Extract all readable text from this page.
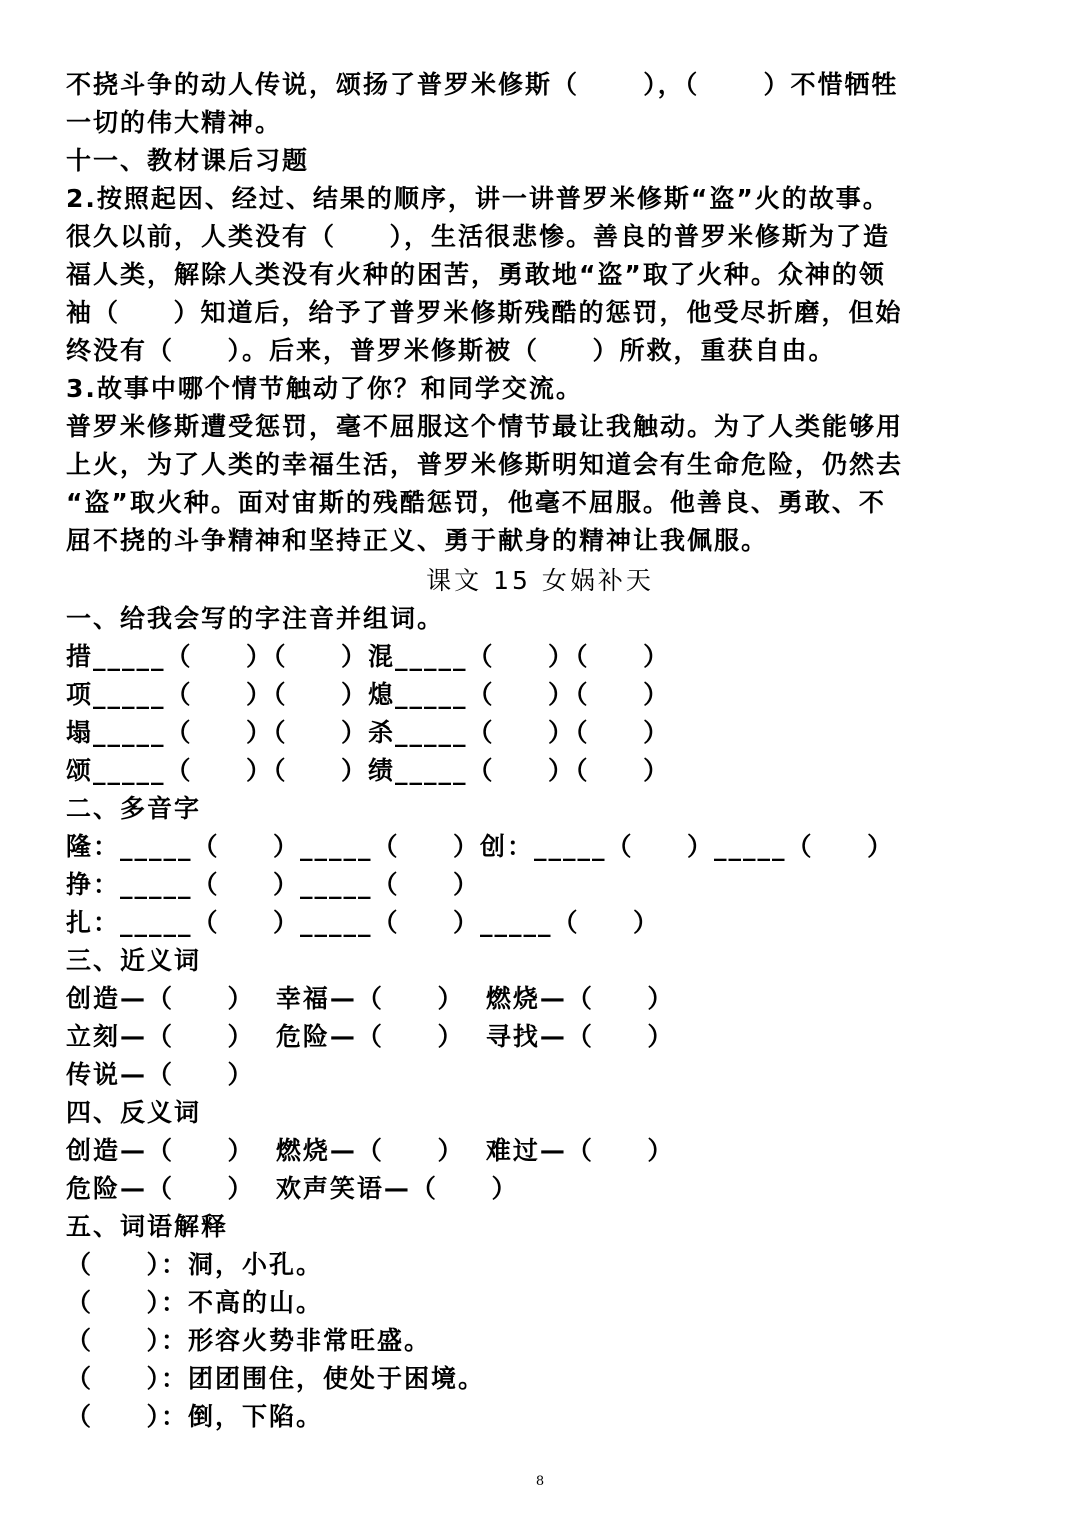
不挠斗争的动人传说，颂扬了普罗米修斯（      ），（      ）不惜牺牲
一切的伟大精神。
十一、教材课后习题
2.按照起因、经过、结果的顺序，讲一讲普罗米修斯“盗”火的故事。
很久以前，人类没有（     ），生活很悲惨。善良的普罗米修斯为了造
福人类，解除人类没有火种的困苦，勇敢地“盗”取了火种。众神的领
袖（     ）知道后，给予了普罗米修斯残酷的惩罚，他受尽折磨，但始
终没有（     ）。后来，普罗米修斯被（     ）所救，重获自由。
3.故事中哪个情节触动了你？和同学交流。
普罗米修斯遭受惩罚，毫不屈服这个情节最让我触动。为了人类能够用
上火，为了人类的幸福生活，普罗米修斯明知道会有生命危险，仍然去
“盗”取火种。面对宙斯的残酷惩罚，他毫不屈服。他善良、勇敢、不
屈不挠的斗争精神和坚持正义、勇于献身的精神让我佩服。
课文 15 女娲补天
一、给我会写的字注音并组词。
措_____（     ）（     ）混_____（     ）（     ）
项_____（     ）（     ）熄_____（     ）（     ）
塌_____（     ）（     ）杀_____（     ）（     ）
颂_____（     ）（     ）绩_____（     ）（     ）
二、多音字
隆：_____（     ）_____（     ）创：_____（     ）_____（     ）
挣：_____（     ）_____（     ）
扎：_____（     ）_____（     ）_____（     ）
三、近义词
创造—（     ）  幸福—（     ）  燃烧—（     ）
立刻—（     ）  危险—（     ）  寻找—（     ）
传说—（     ）
四、反义词
创造—（     ）  燃烧—（     ）  难过—（     ）
危险—（     ）  欢声笑语—（     ）
五、词语解释
（     ）：洞，小孔。
（     ）：不高的山。
（     ）：形容火势非常旺盛。
（     ）：团团围住，使处于困境。
（     ）：倒，下陷。
8
